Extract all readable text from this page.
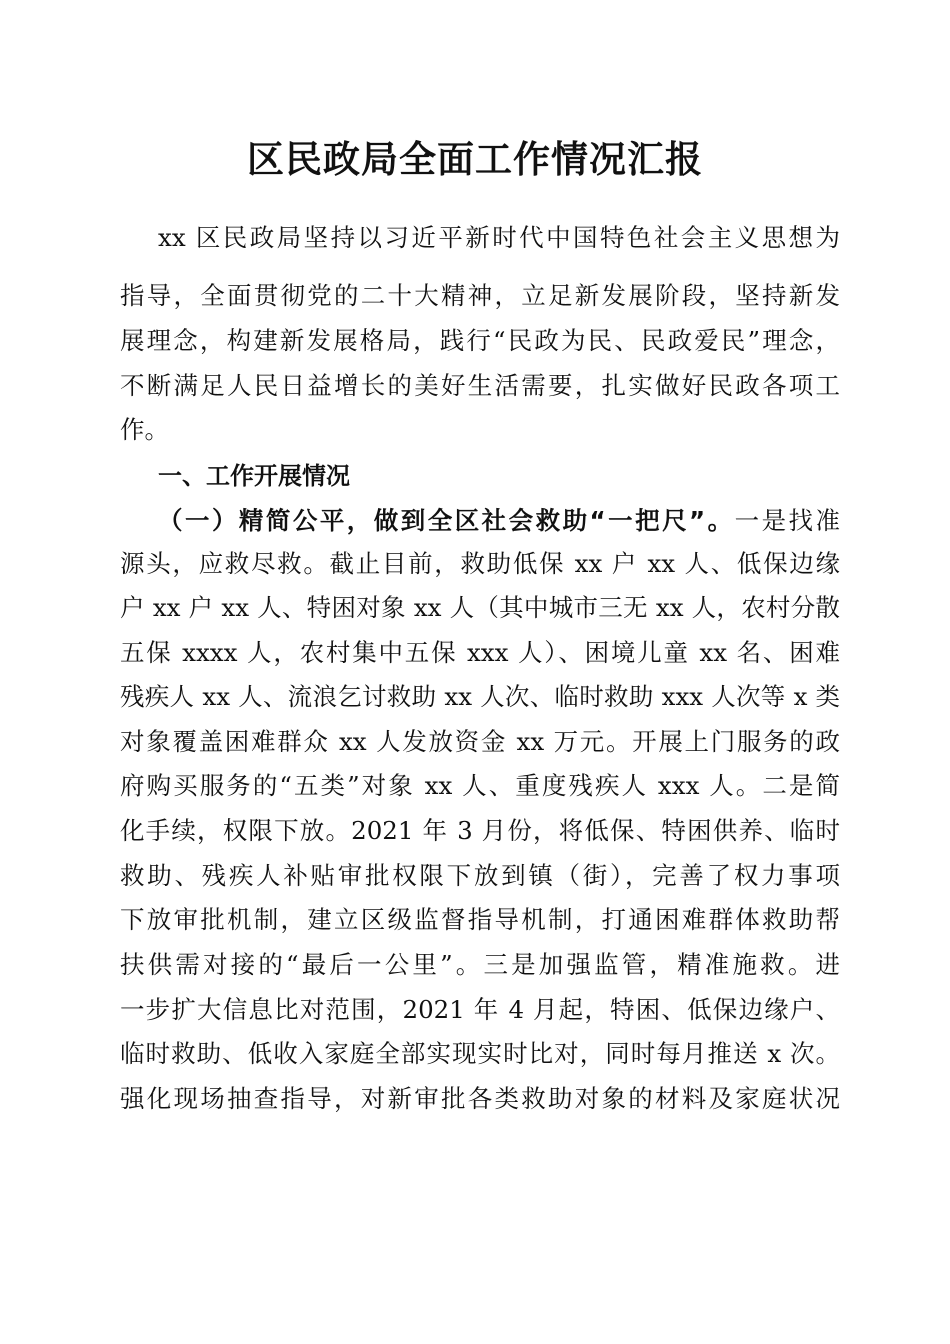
区民政局全面工作情况汇报
xx 区民政局坚持以习近平新时代中国特色社会主义思想为
指导，全面贯彻党的二十大精神，立足新发展阶段，坚持新发
展理念，构建新发展格局，践行“民政为民、民政爱民”理念，
不断满足人民日益增长的美好生活需要，扎实做好民政各项工
作。
一、工作开展情况
（一）精简公平，做到全区社会救助“一把尺”。一是找准
源头，应救尽救。截止目前，救助低保 xx 户 xx 人、低保边缘
户 xx 户 xx 人、特困对象 xx 人（其中城市三无 xx 人，农村分散
五保 xxxx 人，农村集中五保 xxx 人）、困境儿童 xx 名、困难
残疾人 xx 人、流浪乞讨救助 xx 人次、临时救助 xxx 人次等 x 类
对象覆盖困难群众 xx 人发放资金 xx 万元。开展上门服务的政
府购买服务的“五类”对象 xx 人、重度残疾人 xxx 人。二是简
化手续，权限下放。2021 年 3 月份，将低保、特困供养、临时
救助、残疾人补贴审批权限下放到镇（街），完善了权力事项
下放审批机制，建立区级监督指导机制，打通困难群体救助帮
扶供需对接的“最后一公里”。三是加强监管，精准施救。进
一步扩大信息比对范围，2021 年 4 月起，特困、低保边缘户、
临时救助、低收入家庭全部实现实时比对，同时每月推送 x 次。
强化现场抽查指导，对新审批各类救助对象的材料及家庭状况
